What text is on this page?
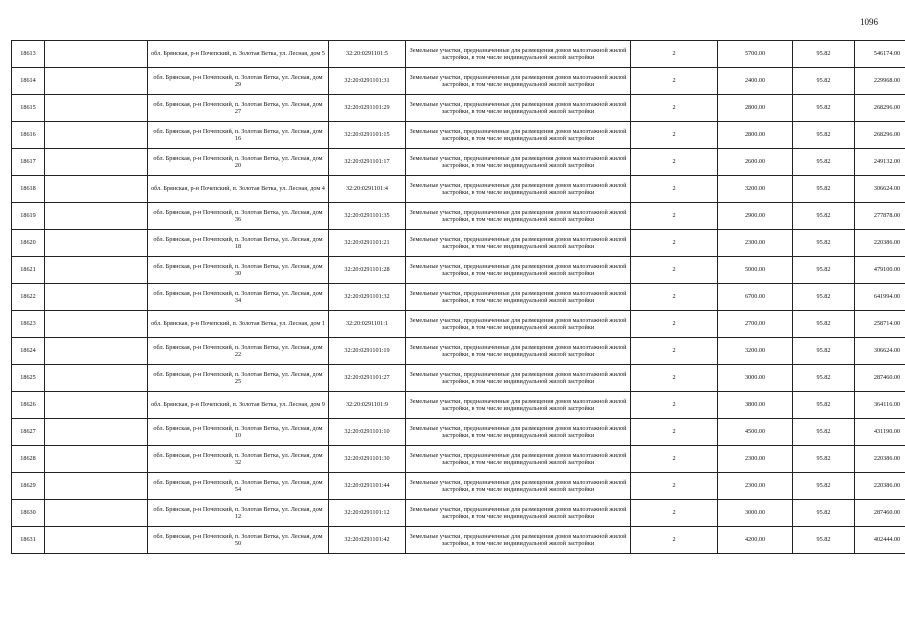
1096
18613		обл. Брянская, р-н Почепский, п. Золотая Ветка, ул. Лесная, дом 5	32:20:0291101:5	Земельные участки, предназначенные для размещения домов малоэтажной жилой застройки, в том числе индивидуальной жилой застройки	2	5700.00	95.82	546174.00
18614		обл. Брянская, р-н Почепский, п. Золотая Ветка, ул. Лесная, дом 29	32:20:0291101:31	Земельные участки, предназначенные для размещения домов малоэтажной жилой застройки, в том числе индивидуальной жилой застройки	2	2400.00	95.82	229968.00
18615		обл. Брянская, р-н Почепский, п. Золотая Ветка, ул. Лесная, дом 27	32:20:0291101:29	Земельные участки, предназначенные для размещения домов малоэтажной жилой застройки, в том числе индивидуальной жилой застройки	2	2800.00	95.82	268296.00
18616		обл. Брянская, р-н Почепский, п. Золотая Ветка, ул. Лесная, дом 16	32:20:0291101:15	Земельные участки, предназначенные для размещения домов малоэтажной жилой застройки, в том числе индивидуальной жилой застройки	2	2800.00	95.82	268296.00
18617		обл. Брянская, р-н Почепский, п. Золотая Ветка, ул. Лесная, дом 20	32:20:0291101:17	Земельные участки, предназначенные для размещения домов малоэтажной жилой застройки, в том числе индивидуальной жилой застройки	2	2600.00	95.82	249132.00
18618		обл. Брянская, р-н Почепский, п. Золотая Ветка, ул. Лесная, дом 4	32:20:0291101:4	Земельные участки, предназначенные для размещения домов малоэтажной жилой застройки, в том числе индивидуальной жилой застройки	2	3200.00	95.82	306624.00
18619		обл. Брянская, р-н Почепский, п. Золотая Ветка, ул. Лесная, дом 36	32:20:0291101:35	Земельные участки, предназначенные для размещения домов малоэтажной жилой застройки, в том числе индивидуальной жилой застройки	2	2900.00	95.82	277878.00
18620		обл. Брянская, р-н Почепский, п. Золотая Ветка, ул. Лесная, дом 18	32:20:0291101:21	Земельные участки, предназначенные для размещения домов малоэтажной жилой застройки, в том числе индивидуальной жилой застройки	2	2300.00	95.82	220386.00
18621		обл. Брянская, р-н Почепский, п. Золотая Ветка, ул. Лесная, дом 30	32:20:0291101:28	Земельные участки, предназначенные для размещения домов малоэтажной жилой застройки, в том числе индивидуальной жилой застройки	2	5000.00	95.82	479100.00
18622		обл. Брянская, р-н Почепский, п. Золотая Ветка, ул. Лесная, дом 34	32:20:0291101:32	Земельные участки, предназначенные для размещения домов малоэтажной жилой застройки, в том числе индивидуальной жилой застройки	2	6700.00	95.82	641994.00
18623		обл. Брянская, р-н Почепский, п. Золотая Ветка, ул. Лесная, дом 1	32:20:0291101:1	Земельные участки, предназначенные для размещения домов малоэтажной жилой застройки, в том числе индивидуальной жилой застройки	2	2700.00	95.82	258714.00
18624		обл. Брянская, р-н Почепский, п. Золотая Ветка, ул. Лесная, дом 22	32:20:0291101:19	Земельные участки, предназначенные для размещения домов малоэтажной жилой застройки, в том числе индивидуальной жилой застройки	2	3200.00	95.82	306624.00
18625		обл. Брянская, р-н Почепский, п. Золотая Ветка, ул. Лесная, дом 25	32:20:0291101:27	Земельные участки, предназначенные для размещения домов малоэтажной жилой застройки, в том числе индивидуальной жилой застройки	2	3000.00	95.82	287460.00
18626		обл. Брянская, р-н Почепский, п. Золотая Ветка, ул. Лесная, дом 9	32:20:0291101:9	Земельные участки, предназначенные для размещения домов малоэтажной жилой застройки, в том числе индивидуальной жилой застройки	2	3800.00	95.82	364116.00
18627		обл. Брянская, р-н Почепский, п. Золотая Ветка, ул. Лесная, дом 10	32:20:0291101:10	Земельные участки, предназначенные для размещения домов малоэтажной жилой застройки, в том числе индивидуальной жилой застройки	2	4500.00	95.82	431190.00
18628		обл. Брянская, р-н Почепский, п. Золотая Ветка, ул. Лесная, дом 32	32:20:0291101:30	Земельные участки, предназначенные для размещения домов малоэтажной жилой застройки, в том числе индивидуальной жилой застройки	2	2300.00	95.82	220386.00
18629		обл. Брянская, р-н Почепский, п. Золотая Ветка, ул. Лесная, дом 54	32:20:0291101:44	Земельные участки, предназначенные для размещения домов малоэтажной жилой застройки, в том числе индивидуальной жилой застройки	2	2300.00	95.82	220386.00
18630		обл. Брянская, р-н Почепский, п. Золотая Ветка, ул. Лесная, дом 12	32:20:0291101:12	Земельные участки, предназначенные для размещения домов малоэтажной жилой застройки, в том числе индивидуальной жилой застройки	2	3000.00	95.82	287460.00
18631		обл. Брянская, р-н Почепский, п. Золотая Ветка, ул. Лесная, дом 50	32:20:0291101:42	Земельные участки, предназначенные для размещения домов малоэтажной жилой застройки, в том числе индивидуальной жилой застройки	2	4200.00	95.82	402444.00
